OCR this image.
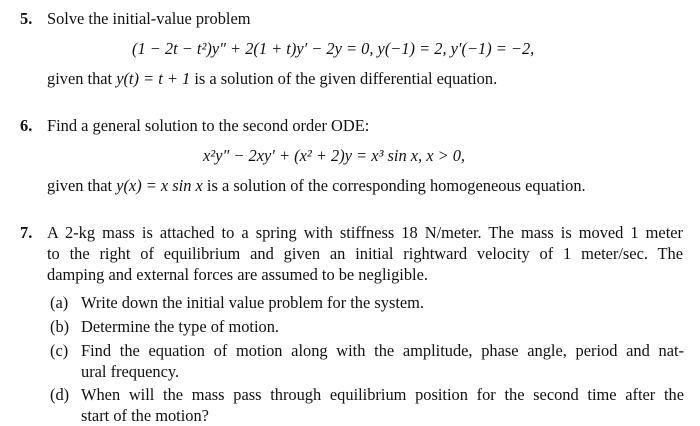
5. Solve the initial-value problem
(1 − 2t − t²)y″ + 2(1 + t)y′ − 2y = 0, y(−1) = 2, y′(−1) = −2,
given that y(t) = t + 1 is a solution of the given differential equation.
6. Find a general solution to the second order ODE:
x²y″ − 2xy′ + (x² + 2)y = x³ sin x, x > 0,
given that y(x) = x sin x is a solution of the corresponding homogeneous equation.
7. A 2-kg mass is attached to a spring with stiffness 18 N/meter. The mass is moved 1 meter
to the right of equilibrium and given an initial rightward velocity of 1 meter/sec. The
damping and external forces are assumed to be negligible.
(a) Write down the initial value problem for the system.
(b) Determine the type of motion.
(c) Find the equation of motion along with the amplitude, phase angle, period and nat-
ural frequency.
(d) When will the mass pass through equilibrium position for the second time after the
start of the motion?
